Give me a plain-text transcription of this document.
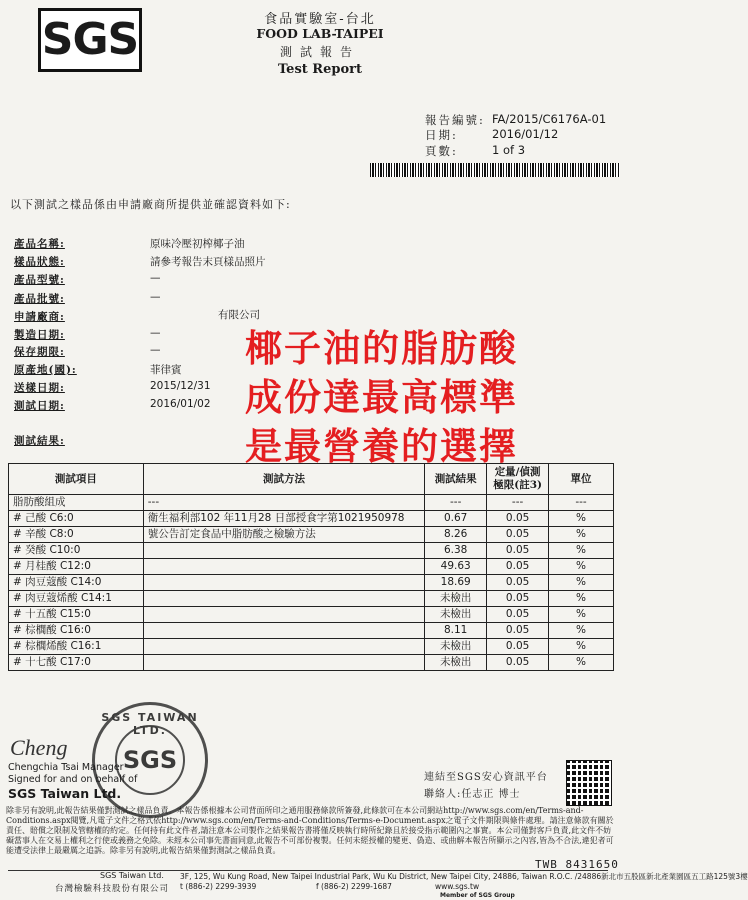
SGS	食品實驗室-台北
FOOD LAB-TAIPEI
測試報告
Test Report
報告編號: FA/2015/C6176A-01
日期:	2016/01/12
頁數:	1 of 3
以下測試之樣品係由申請廠商所提供並確認資料如下:
產品名稱:	原味冷壓初榨椰子油
樣品狀態:	請參考報告末頁樣品照片
產品型號:	—
產品批號:	—
申請廠商:	有限公司
製造日期:	—
保存期限:	—
原產地(國):	菲律賓
送樣日期:	2015/12/31
測試日期:	2016/01/02
測試結果:
椰子油的脂肪酸
成份達最高標準
是最營養的選擇
測試項目	測試方法	測試結果	定量/偵測極限(註3)	單位
脂肪酸組成	---	---	---	---
# 己酸 C6:0	衛生福利部102 年11月28 日部授食字第1021950978	0.67	0.05	%
# 辛酸 C8:0	號公告訂定食品中脂肪酸之檢驗方法	8.26	0.05	%
# 癸酸 C10:0		6.38	0.05	%
# 月桂酸 C12:0		49.63	0.05	%
# 肉豆蔻酸 C14:0		18.69	0.05	%
# 肉豆蔻烯酸 C14:1		未檢出	0.05	%
# 十五酸 C15:0		未檢出	0.05	%
# 棕櫚酸 C16:0		8.11	0.05	%
# 棕櫚烯酸 C16:1		未檢出	0.05	%
# 十七酸 C17:0		未檢出	0.05	%
Cheng
SGS TAIWAN LTD.
SGS
Chengchia Tsai Manager
Signed for and on behalf of
SGS Taiwan Ltd.
連結至SGS安心資訊平台
聯絡人:任志正 博士
除非另有說明,此報告結果僅對測試之樣品負責。本報告係根據本公司背面所印之通用服務條款所簽發,此條款可在本公司網站http://www.sgs.com/en/Terms-and-Conditions.aspx閱覽,凡電子文件之格式依http://www.sgs.com/en/Terms-and-Conditions/Terms-e-Document.aspx之電子文件期限與條件處理。請注意條款有關於責任、賠償之限制及管轄權的約定。任何持有此文件者,請注意本公司製作之結果報告書將僅反映執行時所紀錄且於接受指示範圍內之事實。本公司僅對客戶負責,此文件不妨礙當事人在交易上權利之行使或義務之免除。未經本公司事先書面同意,此報告不可部份複製。任何未經授權的變更、偽造、或曲解本報告所顯示之內容,皆為不合法,違犯者可能遭受法律上最嚴厲之追訴。除非另有說明,此報告結果僅對測試之樣品負責。
TWB 8431650
SGS Taiwan Ltd.
台灣檢驗科技股份有限公司
3F, 125, Wu Kung Road, New Taipei Industrial Park, Wu Ku District, New Taipei City, 24886, Taiwan R.O.C. /24886新北市五股區新北產業園區五工路125號3樓
t (886-2) 2299-3939	f (886-2) 2299-1687	www.sgs.tw
Member of SGS Group
